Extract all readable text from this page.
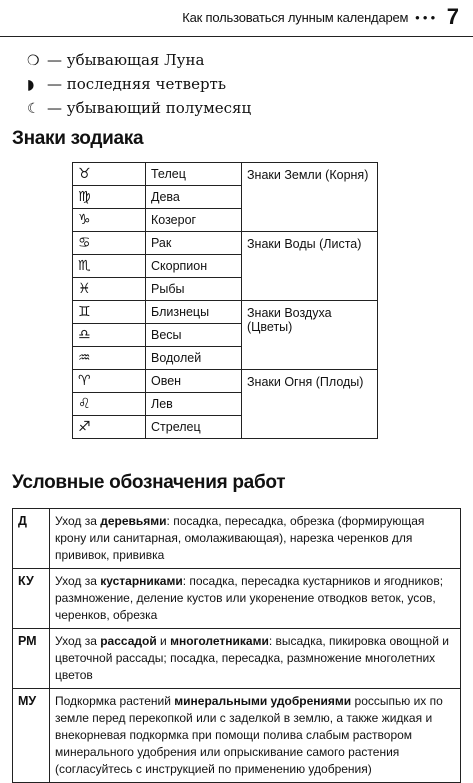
Как пользоваться лунным календарем • • • 7
❍ — убывающая Луна
◗ — последняя четверть
☾ — убывающий полумесяц
Знаки зодиака
♉	Телец	Знаки Земли (Корня)
♍	Дева	
♑	Козерог	
♋	Рак	Знаки Воды (Листа)
♏	Скорпион	
♓	Рыбы	
♊	Близнецы	Знаки Воздуха (Цветы)
♎	Весы	
♒	Водолей	
♈	Овен	Знаки Огня (Плоды)
♌	Лев	
♐	Стрелец	
Условные обозначения работ
Д	Уход за деревьями: посадка, пересадка, обрезка (формирующая крону или санитарная, омолаживающая), нарезка черенков для прививок, прививка
КУ	Уход за кустарниками: посадка, пересадка кустарников и ягодников; размножение, деление кустов или укоренение отводков веток, усов, черенков, обрезка
РМ	Уход за рассадой и многолетниками: высадка, пикировка овощной и цветочной рассады; посадка, пересадка, размножение многолетних цветов
МУ	Подкормка растений минеральными удобрениями россыпью их по земле перед перекопкой или с заделкой в землю, а также жидкая и внекорневая подкормка при помощи полива слабым раствором минерального удобрения или опрыскивание самого растения (согласуйтесь с инструкцией по применению удобрения)
